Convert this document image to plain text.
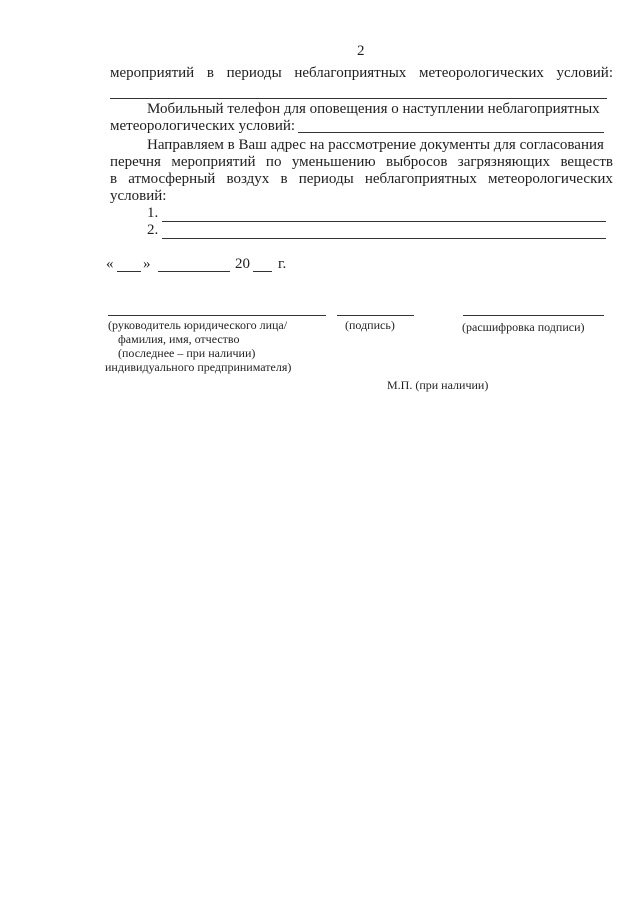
2
мероприятий в периоды неблагоприятных метеорологических условий:
Мобильный телефон для оповещения о наступлении неблагоприятных
метеорологических условий:
Направляем в Ваш адрес на рассмотрение документы для согласования
перечня мероприятий по уменьшению выбросов загрязняющих веществ
в атмосферный воздух в периоды неблагоприятных метеорологических
условий:
1.
2.
« »	20 г.
(руководитель юридического лица/	(подпись)	(расшифровка подписи)
фамилия, имя, отчество
(последнее – при наличии)
индивидуального предпринимателя)
М.П. (при наличии)
